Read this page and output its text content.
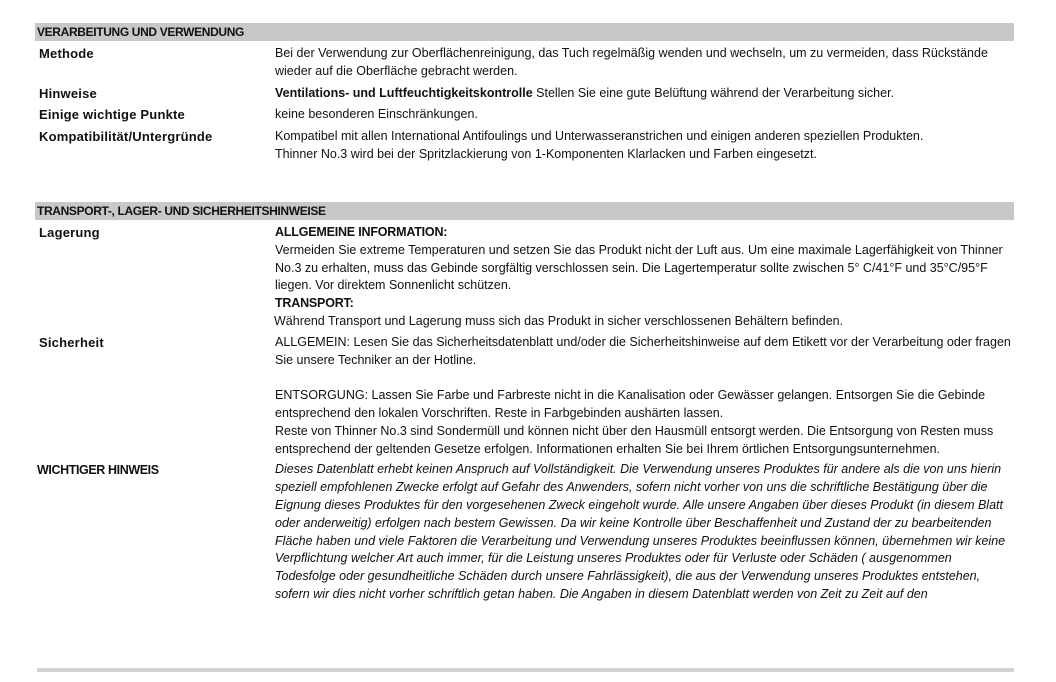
VERARBEITUNG UND VERWENDUNG
Methode	Bei der Verwendung zur Oberflächenreinigung, das Tuch regelmäßig wenden und wechseln, um zu vermeiden, dass Rückstände wieder auf die Oberfläche gebracht werden.
Hinweise	Ventilations- und Luftfeuchtigkeitskontrolle Stellen Sie eine gute Belüftung während der Verarbeitung sicher.
Einige wichtige Punkte	keine besonderen Einschränkungen.
Kompatibilität/Untergründe	Kompatibel mit allen International Antifoulings und Unterwasseranstrichen und einigen anderen speziellen Produkten.

Thinner No.3 wird bei der Spritzlackierung von 1-Komponenten Klarlacken und Farben eingesetzt.

TRANSPORT-, LAGER- UND SICHERHEITSHINWEISE
Lagerung	ALLGEMEINE INFORMATION:

Vermeiden Sie extreme Temperaturen und setzen Sie das Produkt nicht der Luft aus. Um eine maximale Lagerfähigkeit von Thinner No.3 zu erhalten, muss das Gebinde sorgfältig verschlossen sein. Die Lagertemperatur sollte zwischen 5° C/41°F und 35°C/95°F liegen. Vor direktem Sonnenlicht schützen.

TRANSPORT:

Während Transport und Lagerung muss sich das Produkt in sicher verschlossenen Behältern befinden.

Sicherheit	ALLGEMEIN: Lesen Sie das Sicherheitsdatenblatt und/oder die Sicherheitshinweise auf dem Etikett vor der Verarbeitung oder fragen Sie unsere Techniker an der Hotline.

ENTSORGUNG: Lassen Sie Farbe und Farbreste nicht in die Kanalisation oder Gewässer gelangen. Entsorgen Sie die Gebinde entsprechend den lokalen Vorschriften. Reste in Farbgebinden aushärten lassen.

Reste von Thinner No.3 sind Sondermüll und können nicht über den Hausmüll entsorgt werden. Die Entsorgung von Resten muss entsprechend der geltenden Gesetze erfolgen. Informationen erhalten Sie bei Ihrem örtlichen Entsorgungsunternehmen.

WICHTIGER HINWEIS	Dieses Datenblatt erhebt keinen Anspruch auf Vollständigkeit. Die Verwendung unseres Produktes für andere als die von uns hierin speziell empfohlenen Zwecke erfolgt auf Gefahr des Anwenders, sofern nicht vorher von uns die schriftliche Bestätigung über die Eignung dieses Produktes für den vorgesehenen Zweck eingeholt wurde. Alle unsere Angaben über dieses Produkt (in diesem Blatt oder anderweitig) erfolgen nach bestem Gewissen. Da wir keine Kontrolle über Beschaffenheit und Zustand der zu bearbeitenden Fläche haben und viele Faktoren die Verarbeitung und Verwendung unseres Produktes beeinflussen können, übernehmen wir keine Verpflichtung welcher Art auch immer, für die Leistung unseres Produktes oder für Verluste oder Schäden ( ausgenommen Todesfolge oder gesundheitliche Schäden durch unsere Fahrlässigkeit), die aus der Verwendung unseres Produktes entstehen, sofern wir dies nicht vorher schriftlich getan haben. Die Angaben in diesem Datenblatt werden von Zeit zu Zeit auf den
